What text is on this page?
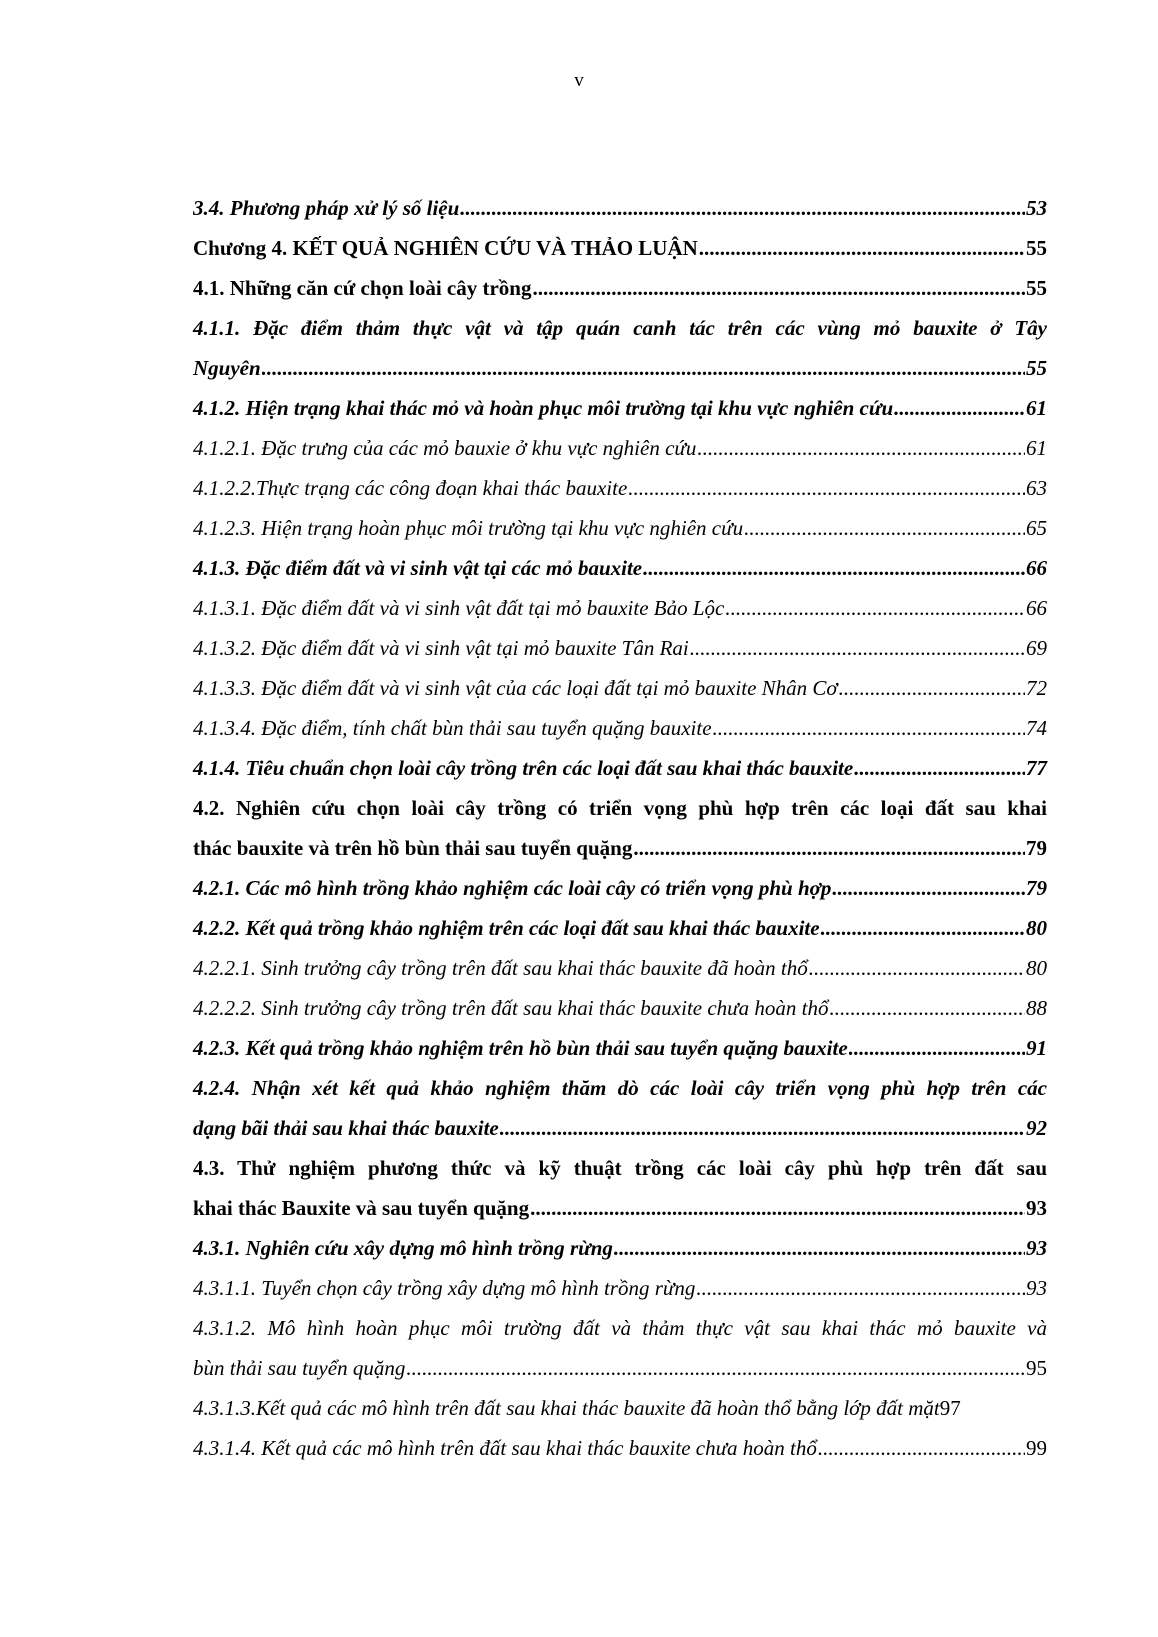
v
3.4. Phương pháp xử lý số liệu .....	53
Chương 4. KẾT QUẢ NGHIÊN CỨU VÀ THẢO LUẬN .....	55
4.1. Những căn cứ chọn loài cây trồng .....	55
4.1.1. Đặc điểm thảm thực vật và tập quán canh tác trên các vùng mỏ bauxite ở Tây
Nguyên .....	55
4.1.2. Hiện trạng khai thác mỏ và hoàn phục môi trường tại khu vực nghiên cứu .....	61
4.1.2.1. Đặc trưng của các mỏ bauxie ở khu vực nghiên cứu .....	61
4.1.2.2.Thực trạng các công đoạn khai thác bauxite .....	63
4.1.2.3. Hiện trạng hoàn phục môi trường tại khu vực nghiên cứu .....	65
4.1.3. Đặc điểm đất và vi sinh vật tại các mỏ bauxite .....	66
4.1.3.1. Đặc điểm đất và vi sinh vật đất tại mỏ bauxite Bảo Lộc .....	66
4.1.3.2. Đặc điểm đất và vi sinh vật tại mỏ bauxite Tân Rai .....	69
4.1.3.3. Đặc điểm đất và vi sinh vật của các loại đất tại mỏ bauxite Nhân Cơ .....	72
4.1.3.4. Đặc điểm, tính chất bùn thải sau tuyển quặng bauxite .....	74
4.1.4. Tiêu chuẩn chọn loài cây trồng trên các loại đất sau khai thác bauxite .....	77
4.2. Nghiên cứu chọn loài cây trồng có triển vọng phù hợp trên các loại đất sau khai
thác bauxite và trên hồ bùn thải sau tuyển quặng .....	79
4.2.1. Các mô hình trồng khảo nghiệm các loài cây có triển vọng phù hợp .....	79
4.2.2. Kết quả trồng khảo nghiệm trên các loại đất sau khai thác bauxite .....	80
4.2.2.1. Sinh trưởng cây trồng trên đất sau khai thác bauxite đã hoàn thổ .....	80
4.2.2.2. Sinh trưởng cây trồng trên đất sau khai thác bauxite chưa hoàn thổ .....	88
4.2.3. Kết quả trồng khảo nghiệm trên hồ bùn thải sau tuyển quặng bauxite .....	91
4.2.4. Nhận xét kết quả khảo nghiệm thăm dò các loài cây triển vọng phù hợp trên các
dạng bãi thải sau khai thác bauxite .....	92
4.3. Thử nghiệm phương thức và kỹ thuật trồng các loài cây phù hợp trên đất sau
khai thác Bauxite và sau tuyển quặng .....	93
4.3.1. Nghiên cứu xây dựng mô hình trồng rừng .....	93
4.3.1.1. Tuyển chọn cây trồng xây dựng mô hình trồng rừng .....	93
4.3.1.2. Mô hình hoàn phục môi trường đất và thảm thực vật sau khai thác mỏ bauxite và
bùn thải sau tuyển quặng .....	95
4.3.1.3.Kết quả các mô hình trên đất sau khai thác bauxite đã hoàn thổ bằng lớp đất mặt 97
4.3.1.4. Kết quả các mô hình trên đất sau khai thác bauxite chưa hoàn thổ .....	99
